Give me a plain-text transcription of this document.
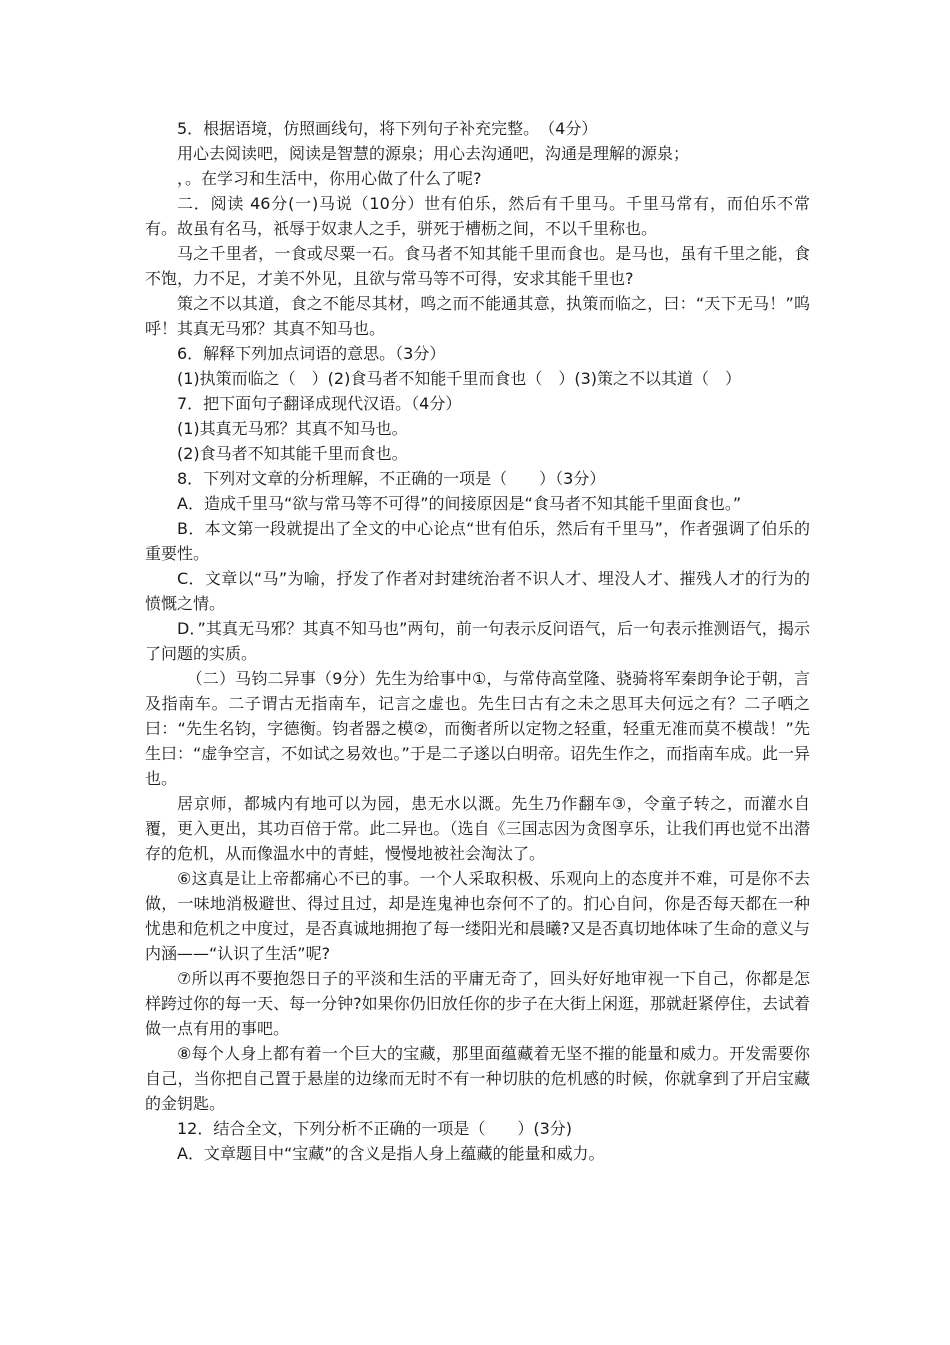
5．根据语境，仿照画线句，将下列句子补充完整。　（4分）

用心去阅读吧，阅读是智慧的源泉；用心去沟通吧，沟通是理解的源泉；

，。在学习和生活中，你用心做了什么了呢?

二．阅读 46分(一)马说（10分）世有伯乐，然后有千里马。千里马常有，而伯乐不常有。故虽有名马，祇辱于奴隶人之手，骈死于槽枥之间，不以千里称也。

马之千里者，一食或尽粟一石。食马者不知其能千里而食也。是马也，虽有千里之能，食不饱，力不足，才美不外见，且欲与常马等不可得，安求其能千里也?

策之不以其道，食之不能尽其材，鸣之而不能通其意，执策而临之，曰：“天下无马！”呜呼！其真无马邪？其真不知马也。

6．解释下列加点词语的意思。（3分）

(1)执策而临之（　）(2)食马者不知能千里而食也（　）(3)策之不以其道（　）

7．把下面句子翻译成现代汉语。（4分）

(1)其真无马邪？其真不知马也。

(2)食马者不知其能千里而食也。

8．下列对文章的分析理解，不正确的一项是（　　）（3分）

A．造成千里马“欲与常马等不可得”的间接原因是“食马者不知其能千里面食也。”

B．本文第一段就提出了全文的中心论点“世有伯乐，然后有千里马”，作者强调了伯乐的重要性。

C．文章以“马”为喻，抒发了作者对封建统治者不识人才、埋没人才、摧残人才的行为的愤慨之情。

D．”其真无马邪？其真不知马也”两句，前一句表示反问语气，后一句表示推测语气，揭示了问题的实质。

（二）马钧二异事（9分）先生为给事中①，与常侍高堂隆、骁骑将军秦朗争论于朝，言及指南车。二子谓古无指南车，记言之虚也。先生曰古有之未之思耳夫何远之有？二子哂之曰：“先生名钧，字德衡。钧者器之模②，而衡者所以定物之轻重，轻重无准而莫不模哉！”先生曰：“虚争空言，不如试之易效也。”于是二子遂以白明帝。诏先生作之，而指南车成。此一异也。

居京师，都城内有地可以为园，患无水以溉。先生乃作翻车③，令童子转之，而灌水自覆，更入更出，其功百倍于常。此二异也。（选自《三国志因为贪图享乐，让我们再也觉不出潜存的危机，从而像温水中的青蛙，慢慢地被社会淘汰了。

⑥这真是让上帝都痛心不已的事。一个人采取积极、乐观向上的态度并不难，可是你不去做，一味地消极避世、得过且过，却是连鬼神也奈何不了的。扪心自问，你是否每天都在一种忧患和危机之中度过，是否真诚地拥抱了每一缕阳光和晨曦?又是否真切地体味了生命的意义与内涵——“认识了生活”呢?

⑦所以再不要抱怨日子的平淡和生活的平庸无奇了，回头好好地审视一下自己，你都是怎样跨过你的每一天、每一分钟?如果你仍旧放任你的步子在大街上闲逛，那就赶紧停住，去试着做一点有用的事吧。

⑧每个人身上都有着一个巨大的宝藏，那里面蕴藏着无坚不摧的能量和威力。开发需要你自己，当你把自己置于悬崖的边缘而无时不有一种切肤的危机感的时候，你就拿到了开启宝藏的金钥匙。

12．结合全文，下列分析不正确的一项是（　　）(3分)

A．文章题目中“宝藏”的含义是指人身上蕴藏的能量和威力。
